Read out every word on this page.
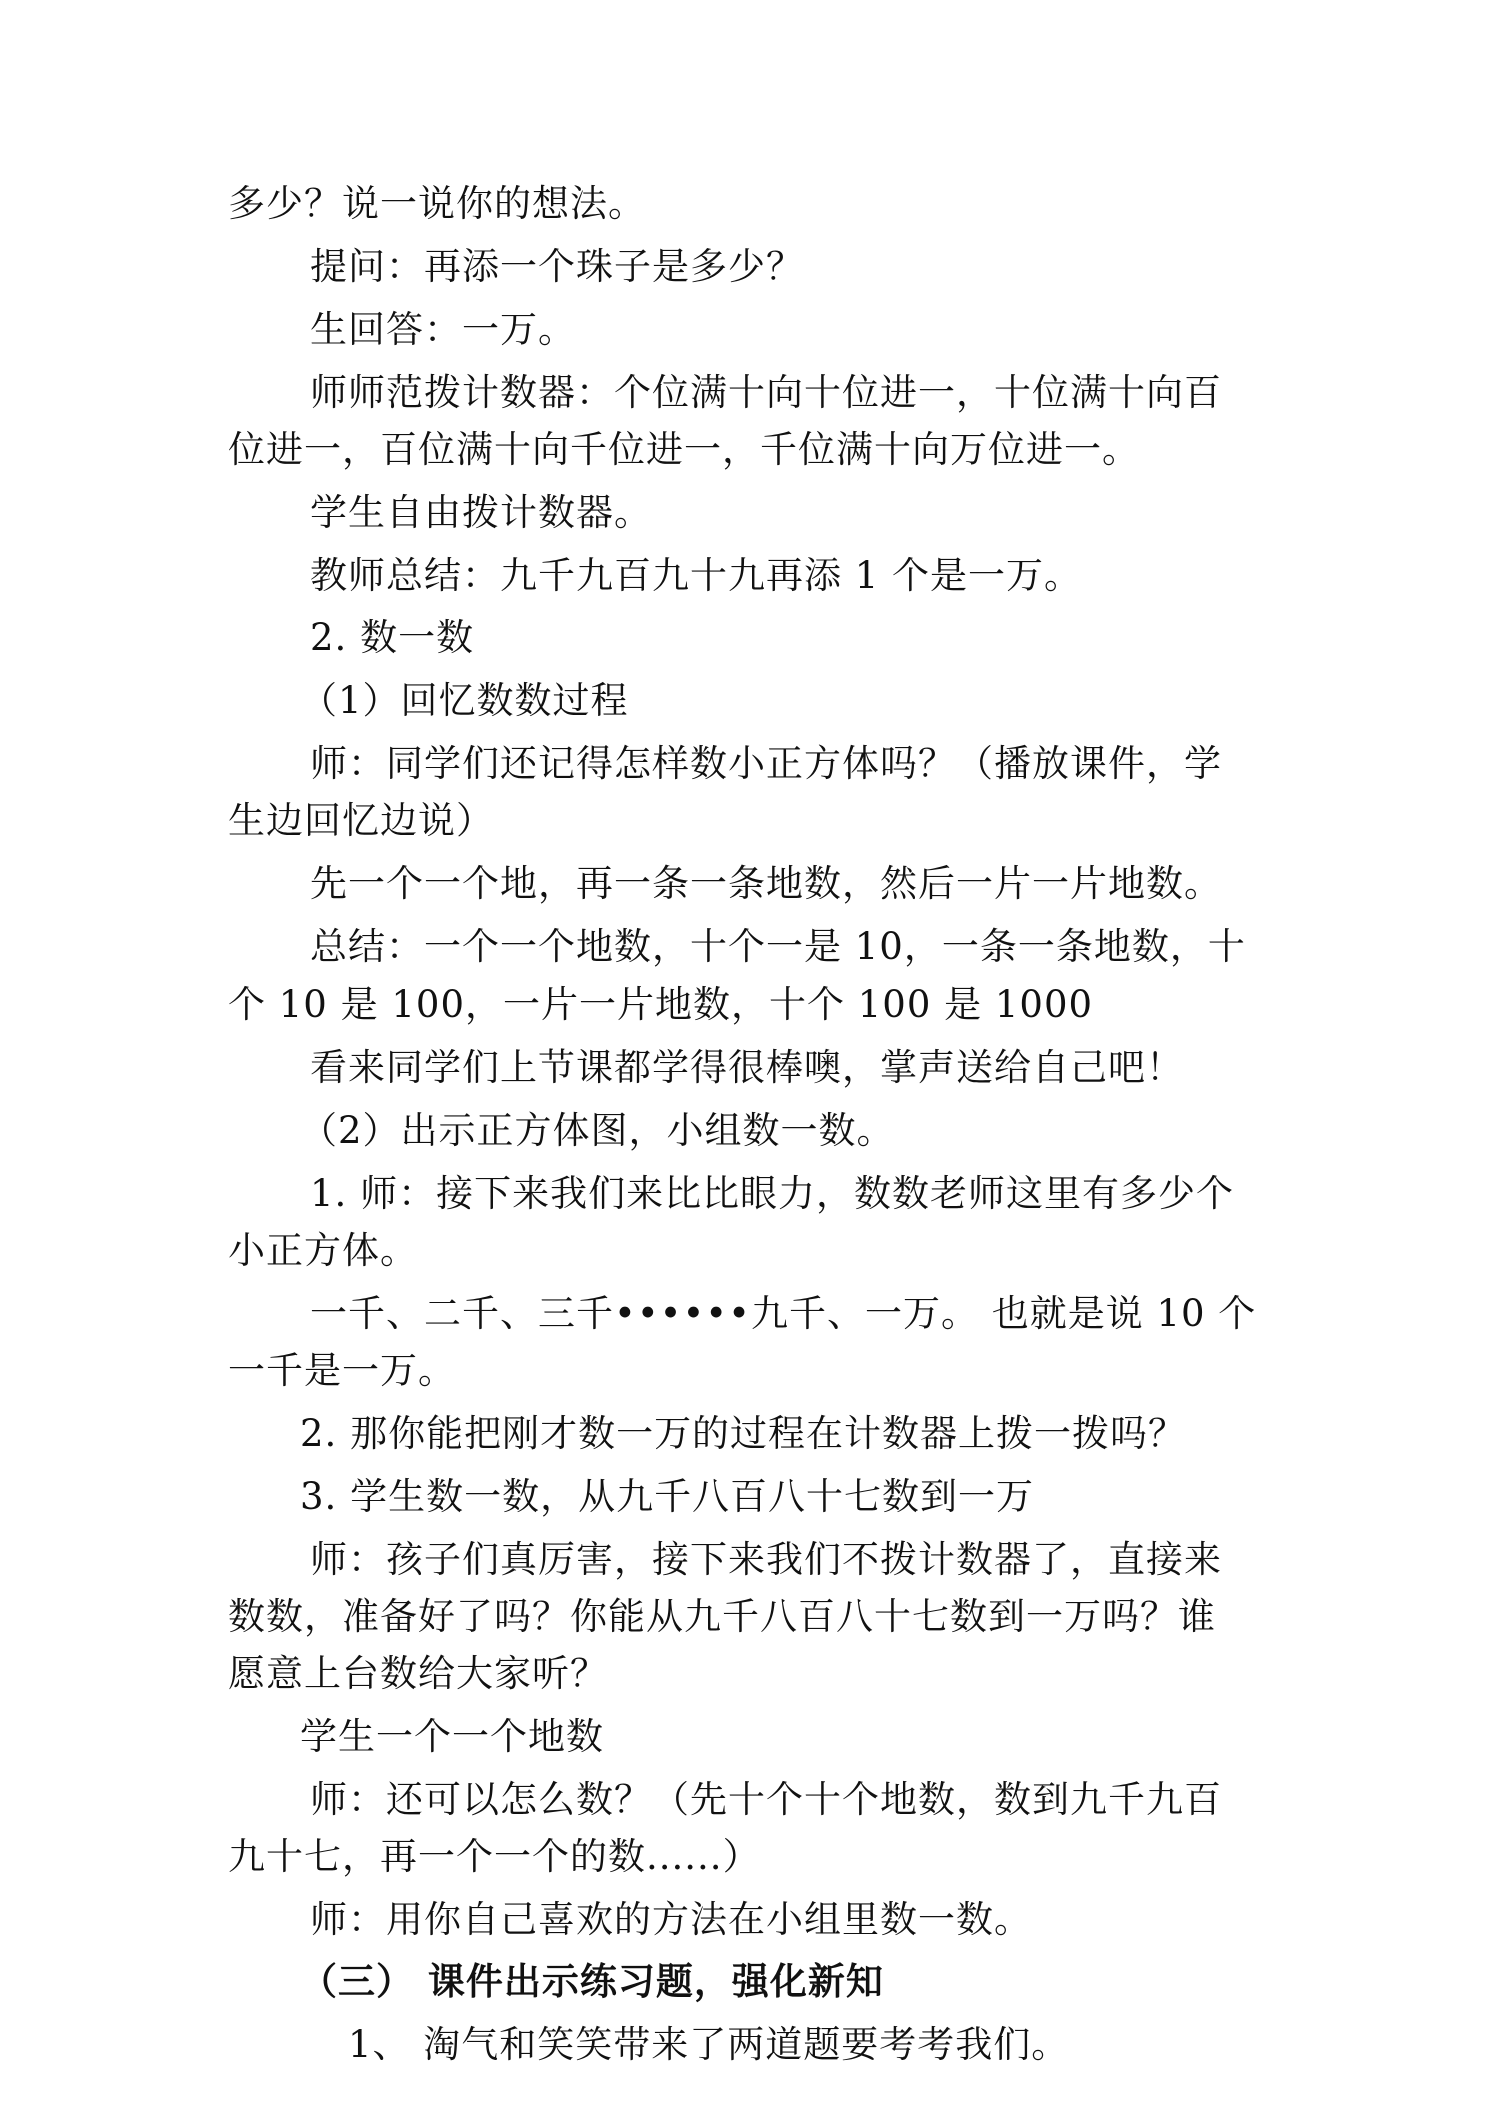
多少？说一说你的想法。
提问：再添一个珠子是多少？
生回答：一万。
师师范拨计数器：个位满十向十位进一，十位满十向百
位进一，百位满十向千位进一，千位满十向万位进一。
学生自由拨计数器。
教师总结：九千九百九十九再添 1 个是一万。
2. 数一数
（1）回忆数数过程
师：同学们还记得怎样数小正方体吗？（播放课件，学
生边回忆边说）
先一个一个地，再一条一条地数，然后一片一片地数。
总结：一个一个地数，十个一是 10，一条一条地数，十
个 10 是 100，一片一片地数，十个 100 是 1000
看来同学们上节课都学得很棒噢，掌声送给自己吧！
（2）出示正方体图，小组数一数。
1. 师：接下来我们来比比眼力，数数老师这里有多少个
小正方体。
一千、二千、三千••••••九千、一万。 也就是说 10 个
一千是一万。
2. 那你能把刚才数一万的过程在计数器上拨一拨吗？
3. 学生数一数，从九千八百八十七数到一万
师：孩子们真厉害，接下来我们不拨计数器了，直接来
数数，准备好了吗？你能从九千八百八十七数到一万吗？谁
愿意上台数给大家听？
学生一个一个地数
师：还可以怎么数？（先十个十个地数，数到九千九百
九十七，再一个一个的数......）
师：用你自己喜欢的方法在小组里数一数。
（三） 课件出示练习题，强化新知
1、 淘气和笑笑带来了两道题要考考我们。
